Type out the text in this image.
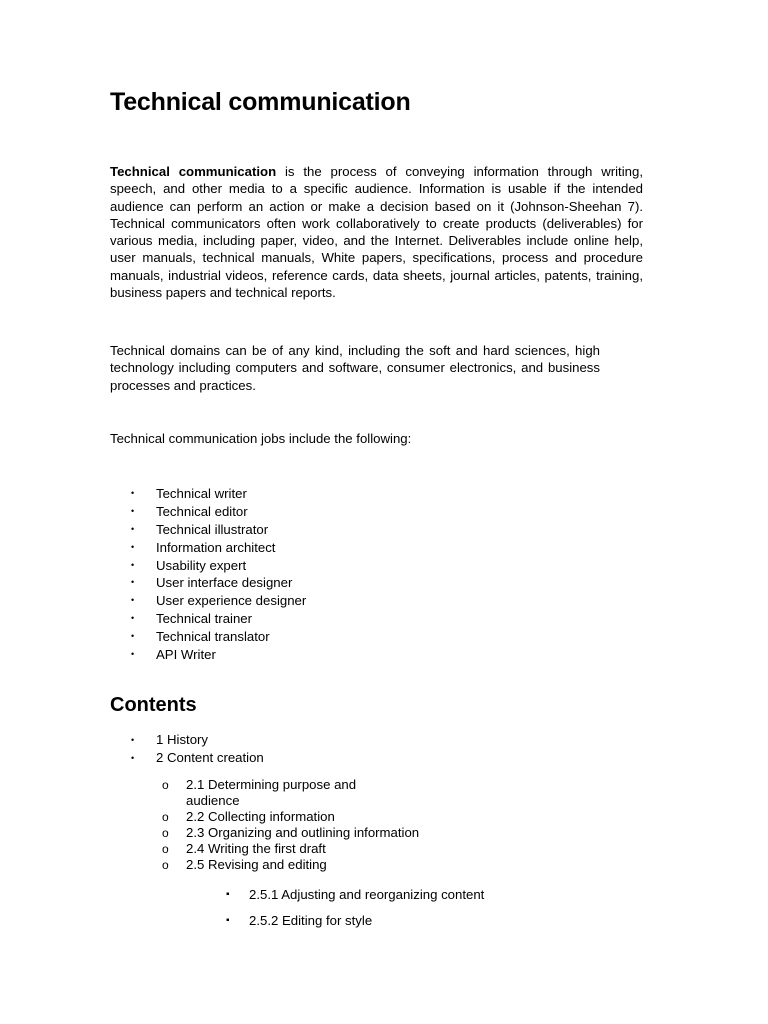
Technical communication

Technical communication is the process of conveying information through writing, speech, and other media to a specific audience. Information is usable if the intended audience can perform an action or make a decision based on it (Johnson-Sheehan 7). Technical communicators often work collaboratively to create products (deliverables) for various media, including paper, video, and the Internet. Deliverables include online help, user manuals, technical manuals, White papers, specifications, process and procedure manuals, industrial videos, reference cards, data sheets, journal articles, patents, training, business papers and technical reports.

Technical domains can be of any kind, including the soft and hard sciences, high technology including computers and software, consumer electronics, and business processes and practices.

Technical communication jobs include the following:

• Technical writer
• Technical editor
• Technical illustrator
• Information architect
• Usability expert
• User interface designer
• User experience designer
• Technical trainer
• Technical translator
• API Writer
Contents
• 1 History
• 2 Content creation
o 2.1 Determining purpose and audience
o 2.2 Collecting information
o 2.3 Organizing and outlining information
o 2.4 Writing the first draft
o 2.5 Revising and editing
▪ 2.5.1 Adjusting and reorganizing content
▪ 2.5.2 Editing for style
